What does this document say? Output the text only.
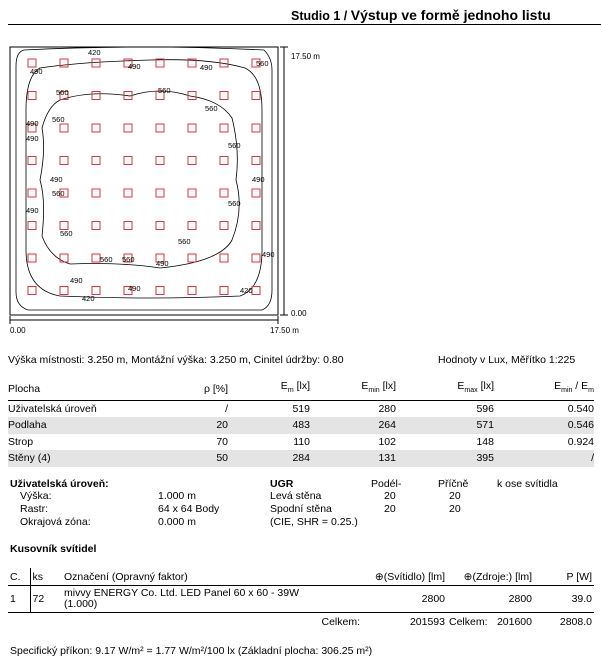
Studio 1 / Výstup ve formě jednoho listu
420
490
490	490	560
560	560
560
490 560
560
490
490
560
560
490
560
490
560
560
490
490
420
490
420
490
560
17.50 m
0.00
0.00	17.50 m
Výška místnosti: 3.250 m, Montážní výška: 3.250 m, Cinitel údržby: 0.80	Hodnoty v Lux, Měřítko 1:225
Plocha	ρ [%]	$E_m$ [lx]	$E_{min}$ [lx]	$E_{max}$ [lx]	$E_{min} / E_m$
Uživatelská úroveň	/	519	280	596	0.540
Podlaha	20	483	264	571	0.546
Strop	70	110	102	148	0.924
Stěny (4)	50	284	131	395	/
Uživatelská úroveň:
Výška:	1.000 m
Rastr:	64 x 64 Body
Okrajová zóna:	0.000 m
UGR	Podél-	Příčně	k ose svítidla
Levá stěna	20	20
Spodní stěna	20	20
(CIE, SHR = 0.25.)
Kusovník svítidel
C.	ks	Označení (Opravný faktor)	⊕(Svítidlo) [lm]	⊕(Zdroje:) [lm]	P [W]
1	72	mivvy ENERGY Co. Ltd. LED Panel 60 x 60 - 39W
(1.000)	2800	2800	39.0
		Celkem:	201593	Celkem: 201600	2808.0
Specifický příkon: 9.17 W/m² = 1.77 W/m²/100 lx (Základní plocha: 306.25 m²)
